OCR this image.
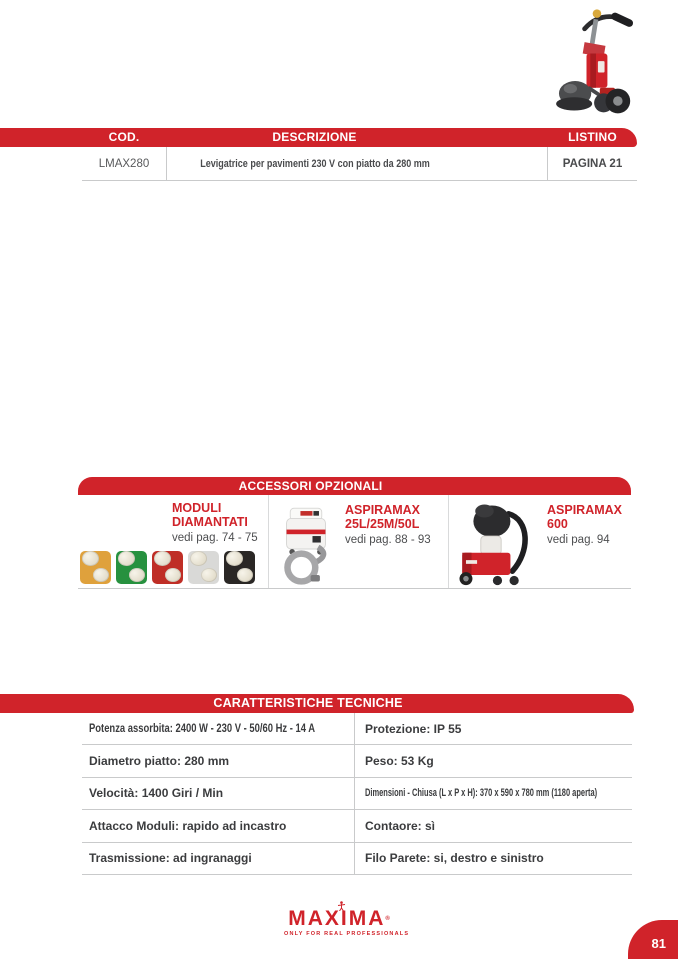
COD.	DESCRIZIONE	LISTINO
LMAX280	Levigatrice per pavimenti 230 V con piatto da 280 mm	PAGINA 21
ACCESSORI OPZIONALI
MODULI
DIAMANTATI
vedi pag. 74 - 75
ASPIRAMAX
25L/25M/50L
vedi pag. 88 - 93
ASPIRAMAX 600
vedi pag. 94
CARATTERISTICHE TECNICHE
Potenza assorbita: 2400 W - 230 V - 50/60 Hz - 14 A	Protezione: IP 55
Diametro piatto: 280 mm	Peso: 53 Kg
Velocità: 1400 Giri / Min	Dimensioni - Chiusa (L x P x H): 370 x 590 x 780 mm (1180 aperta)
Attacco Moduli: rapido ad incastro	Contaore: sì
Trasmissione: ad ingranaggi	Filo Parete: si, destro e sinistro
MAXIMA®
ONLY FOR REAL PROFESSIONALS
81
